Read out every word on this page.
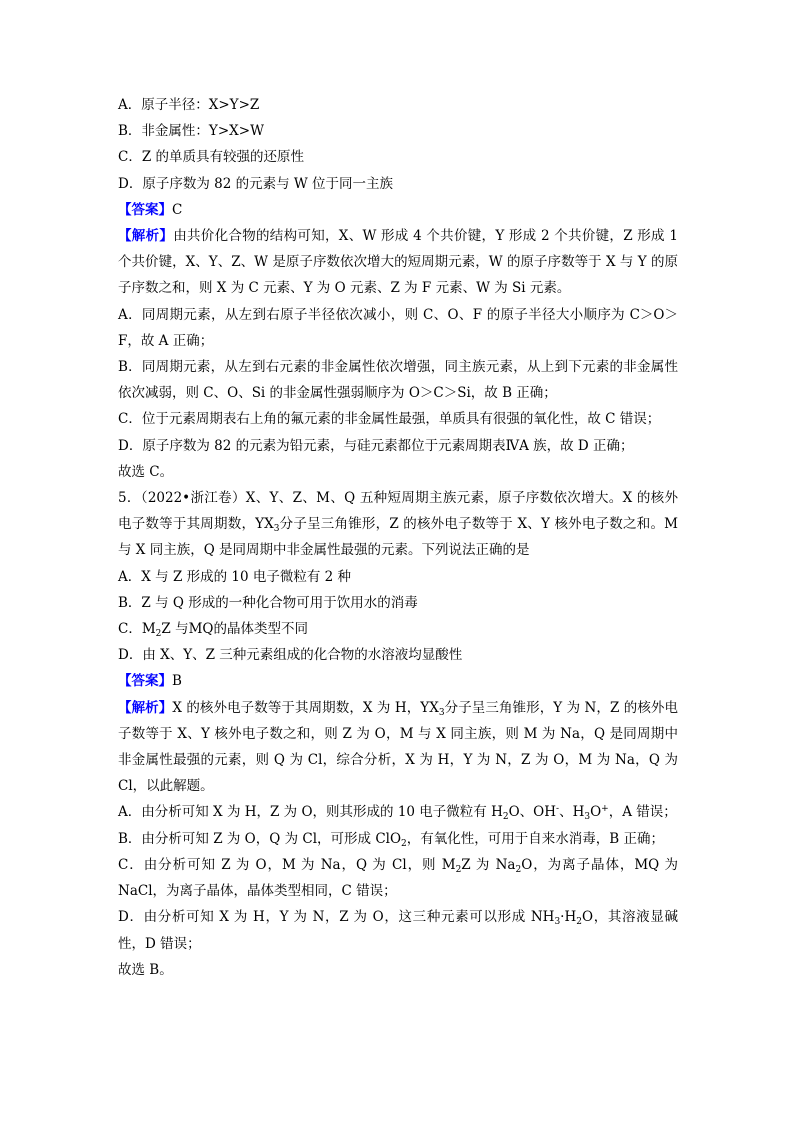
A．原子半径：X>Y>Z

B．非金属性：Y>X>W

C．Z 的单质具有较强的还原性

D．原子序数为 82 的元素与 W 位于同一主族

【答案】C

【解析】由共价化合物的结构可知，X、W 形成 4 个共价键，Y 形成 2 个共价键，Z 形成 1 个共价键，X、Y、Z、W 是原子序数依次增大的短周期元素，W 的原子序数等于 X 与 Y 的原子序数之和，则 X 为 C 元素、Y 为 O 元素、Z 为 F 元素、W 为 Si 元素。

A．同周期元素，从左到右原子半径依次减小，则 C、O、F 的原子半径大小顺序为 C＞O＞F，故 A 正确；

B．同周期元素，从左到右元素的非金属性依次增强，同主族元素，从上到下元素的非金属性依次减弱，则 C、O、Si 的非金属性强弱顺序为 O＞C＞Si，故 B 正确；

C．位于元素周期表右上角的氟元素的非金属性最强，单质具有很强的氧化性，故 C 错误；

D．原子序数为 82 的元素为铅元素，与硅元素都位于元素周期表ⅣA 族，故 D 正确；

故选 C。

5．（2022•浙江卷）X、Y、Z、M、Q 五种短周期主族元素，原子序数依次增大。X 的核外电子数等于其周期数，$YX_3$分子呈三角锥形，Z 的核外电子数等于 X、Y 核外电子数之和。M 与 X 同主族，Q 是同周期中非金属性最强的元素。下列说法正确的是

A．X 与 Z 形成的 10 电子微粒有 2 种

B．Z 与 Q 形成的一种化合物可用于饮用水的消毒

C．$M_2Z$ 与MQ的晶体类型不同

D．由 X、Y、Z 三种元素组成的化合物的水溶液均显酸性

【答案】B

【解析】X 的核外电子数等于其周期数，X 为 H，$YX_3$分子呈三角锥形，Y 为 N，Z 的核外电子数等于 X、Y 核外电子数之和，则 Z 为 O，M 与 X 同主族，则 M 为 Na，Q 是同周期中非金属性最强的元素，则 Q 为 Cl，综合分析，X 为 H，Y 为 N，Z 为 O，M 为 Na，Q 为 Cl，以此解题。

A．由分析可知 X 为 H，Z 为 O，则其形成的 10 电子微粒有 $H_2O$、OH-、$H_3O^+$，A 错误；

B．由分析可知 Z 为 O，Q 为 Cl，可形成 ClO$_2$，有氧化性，可用于自来水消毒，B 正确；

C．由分析可知 Z 为 O，M 为 Na，Q 为 Cl，则 $M_2Z$ 为 $Na_2O$，为离子晶体，MQ 为 NaCl，为离子晶体，晶体类型相同，C 错误；

D．由分析可知 X 为 H，Y 为 N，Z 为 O，这三种元素可以形成 $NH_3\cdot H_2O$，其溶液显碱性，D 错误；

故选 B。
